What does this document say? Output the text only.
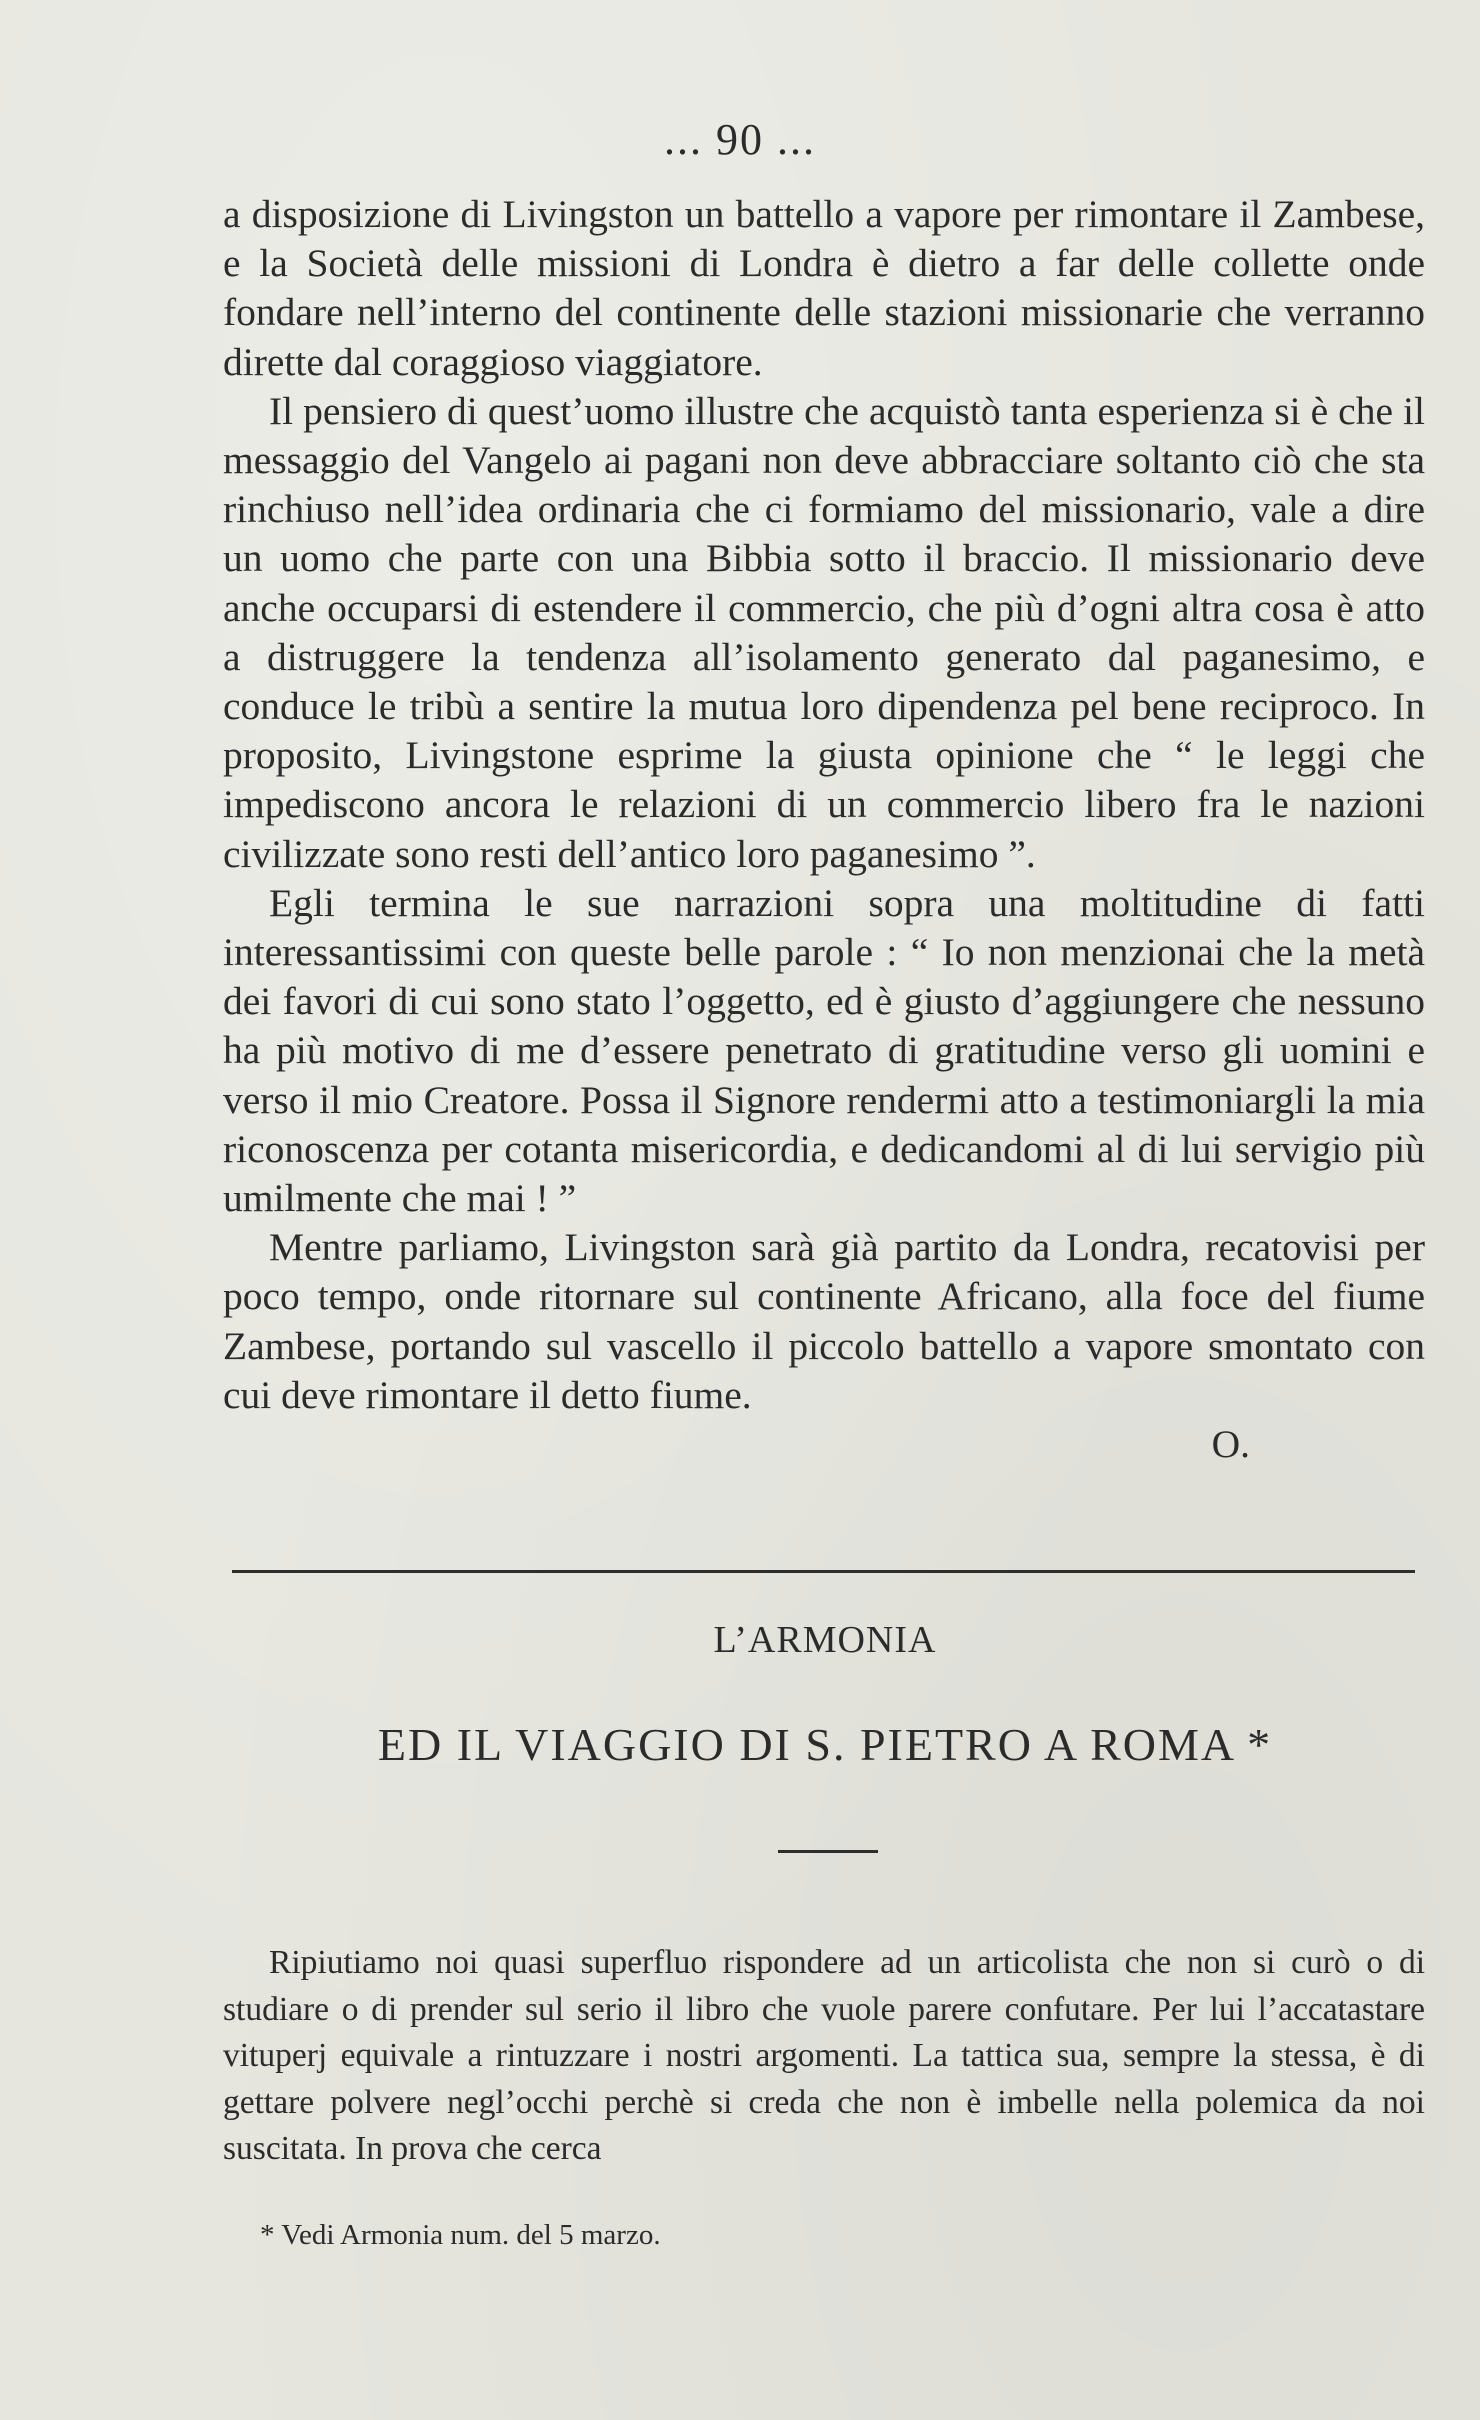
... 90 ...

a disposizione di Livingston un battello a vapore per rimontare il Zambese, e la Società delle missioni di Londra è dietro a far delle collette onde fondare nell’interno del continente delle stazioni missionarie che verranno dirette dal coraggioso viaggiatore.

Il pensiero di quest’uomo illustre che acquistò tanta esperienza si è che il messaggio del Vangelo ai pagani non deve abbracciare soltanto ciò che sta rinchiuso nell’idea ordinaria che ci formiamo del missionario, vale a dire un uomo che parte con una Bibbia sotto il braccio. Il missionario deve anche occuparsi di estendere il commercio, che più d’ogni altra cosa è atto a distruggere la tendenza all’isolamento generato dal paganesimo, e conduce le tribù a sentire la mutua loro dipendenza pel bene reciproco. In proposito, Livingstone esprime la giusta opinione che “ le leggi che impediscono ancora le relazioni di un commercio libero fra le nazioni civilizzate sono resti dell’antico loro paganesimo ”.

Egli termina le sue narrazioni sopra una moltitudine di fatti interessantissimi con queste belle parole : “ Io non menzionai che la metà dei favori di cui sono stato l’oggetto, ed è giusto d’aggiungere che nessuno ha più motivo di me d’essere penetrato di gratitudine verso gli uomini e verso il mio Creatore. Possa il Signore rendermi atto a testimoniargli la mia riconoscenza per cotanta misericordia, e dedicandomi al di lui servigio più umilmente che mai ! ”

Mentre parliamo, Livingston sarà già partito da Londra, recatovisi per poco tempo, onde ritornare sul continente Africano, alla foce del fiume Zambese, portando sul vascello il piccolo battello a vapore smontato con cui deve rimontare il detto fiume.

O.

L’ARMONIA
ED IL VIAGGIO DI S. PIETRO A ROMA *

Ripiutiamo noi quasi superfluo rispondere ad un articolista che non si curò o di studiare o di prender sul serio il libro che vuole parere confutare. Per lui l’accatastare vituperj equivale a rintuzzare i nostri argomenti. La tattica sua, sempre la stessa, è di gettare polvere negl’occhi perchè si creda che non è imbelle nella polemica da noi suscitata. In prova che cerca

* Vedi Armonia num. del 5 marzo.
